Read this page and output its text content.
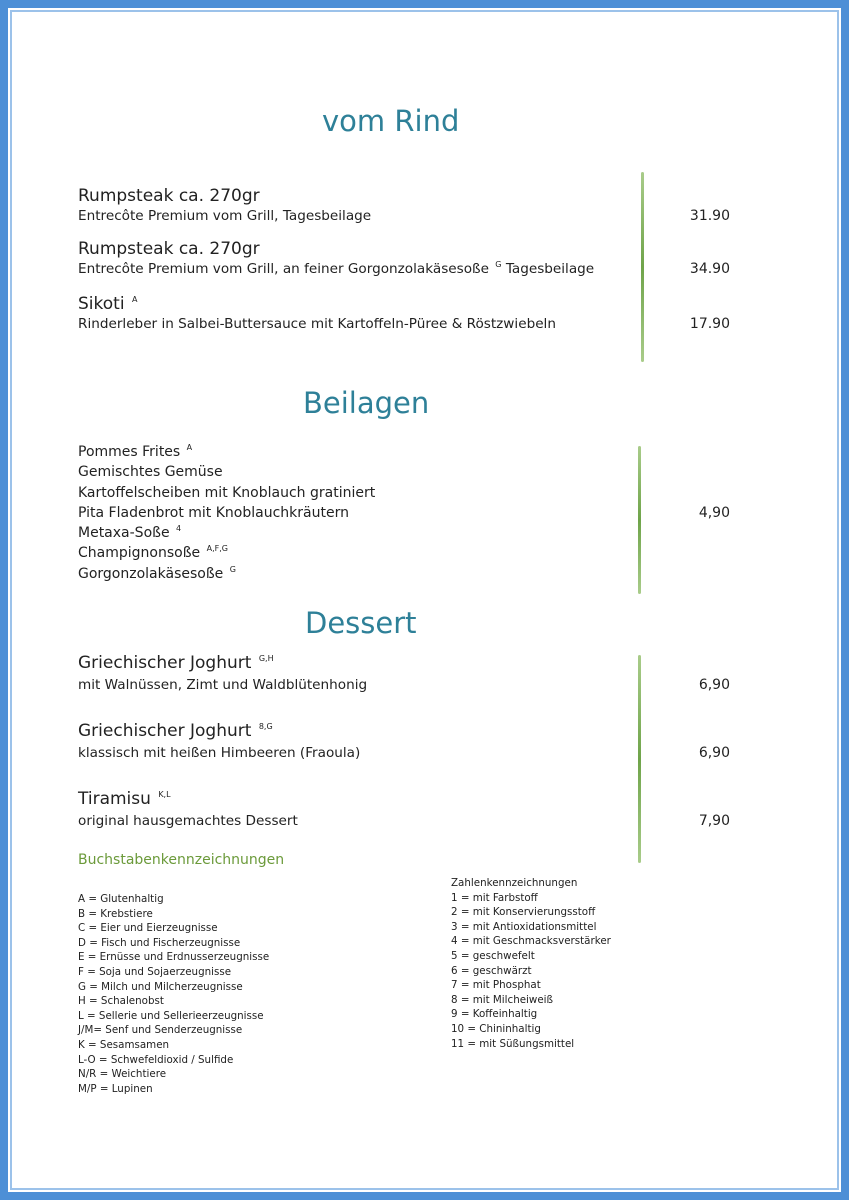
vom Rind
Rumpsteak ca. 270gr
Entrecôte Premium vom Grill, Tagesbeilage	31.90
Rumpsteak ca. 270gr
Entrecôte Premium vom Grill, an feiner Gorgonzolakäsesoße $^G$ Tagesbeilage	34.90
Sikoti $^A$
Rinderleber in Salbei-Buttersauce mit Kartoffeln-Püree & Röstzwiebeln	17.90
Beilagen
Pommes Frites $^A$
Gemischtes Gemüse
Kartoffelscheiben mit Knoblauch gratiniert
Pita Fladenbrot mit Knoblauchkräutern
Metaxa-Soße $^4$
Champignonsoße $^{A,F,G}$
Gorgonzolakäsesoße $^G$
4,90
Dessert
Griechischer Joghurt $^{G,H}$
mit Walnüssen, Zimt und Waldblütenhonig	6,90
Griechischer Joghurt $^{8,G}$
klassisch mit heißen Himbeeren (Fraoula)	6,90
Tiramisu $^{K,L}$
original hausgemachtes Dessert	7,90
Buchstabenkennzeichnungen
A = Glutenhaltig
B = Krebstiere
C = Eier und Eierzeugnisse
D = Fisch und Fischerzeugnisse
E = Ernüsse und Erdnusserzeugnisse
F = Soja und Sojaerzeugnisse
G = Milch und Milcherzeugnisse
H = Schalenobst
L = Sellerie und Sellerieerzeugnisse
J/M= Senf und Senderzeugnisse
K = Sesamsamen
L-O = Schwefeldioxid / Sulfide
N/R = Weichtiere
M/P = Lupinen
Zahlenkennzeichnungen
1 = mit Farbstoff
2 = mit Konservierungsstoff
3 = mit Antioxidationsmittel
4 = mit Geschmacksverstärker
5 = geschwefelt
6 = geschwärzt
7 = mit Phosphat
8 = mit Milcheiweiß
9 = Koffeinhaltig
10 = Chininhaltig
11 = mit Süßungsmittel
